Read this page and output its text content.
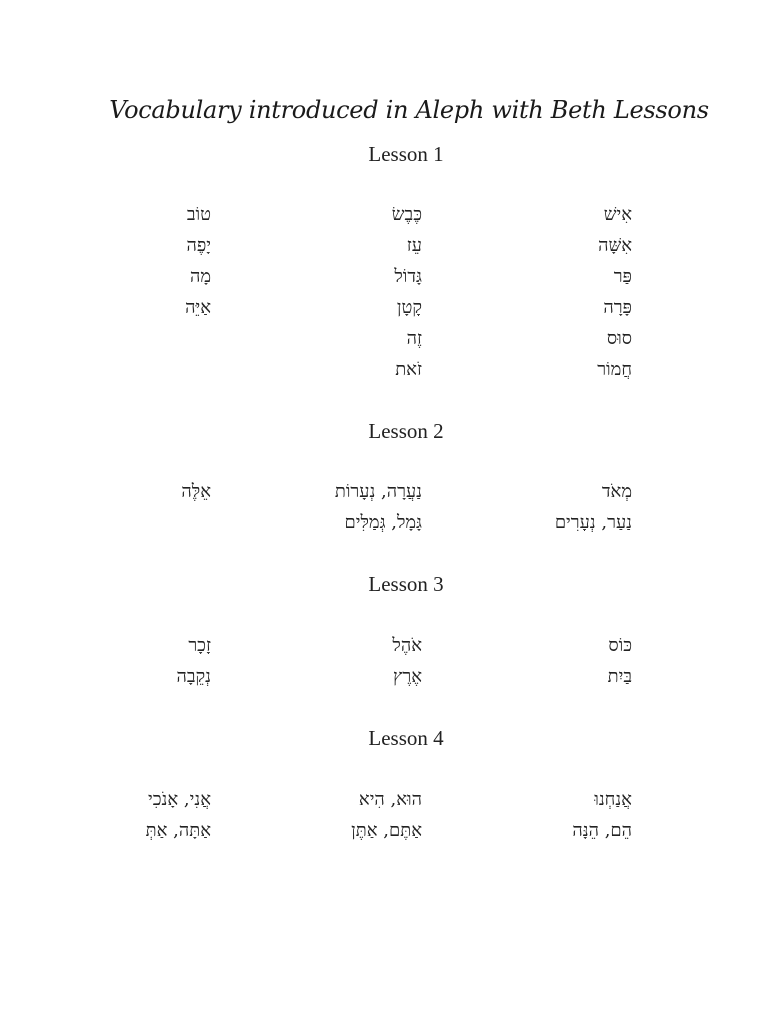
Vocabulary introduced in Aleph with Beth Lessons
Lesson 1
אִישׁ
אִשָּׁה
פַּר
פָּרָה
סוּס
חֲמוֹר
כֶּבֶשׂ
עֵז
גָּדוֹל
קָטָן
זֶה
זֹאת
טוֹב
יָפֶה
מָה
אַיֵּה
Lesson 2
מְאֹד
נַעַר, נְעָרִים
נַעֲרָה, נְעָרוֹת
גָּמָל, גְּמַלִּים
אֵלֶּה
Lesson 3
כּוֹס
בַּיִת
אֹהֶל
אֶרֶץ
זָכָר
נְקֵבָה
Lesson 4
אֲנַחְנוּ
הֵם, הֵנָּה
הוּא, הִיא
אַתֶּם, אַתֶּן
אֲנִי, אָנֹכִי
אַתָּה, אַתְּ
